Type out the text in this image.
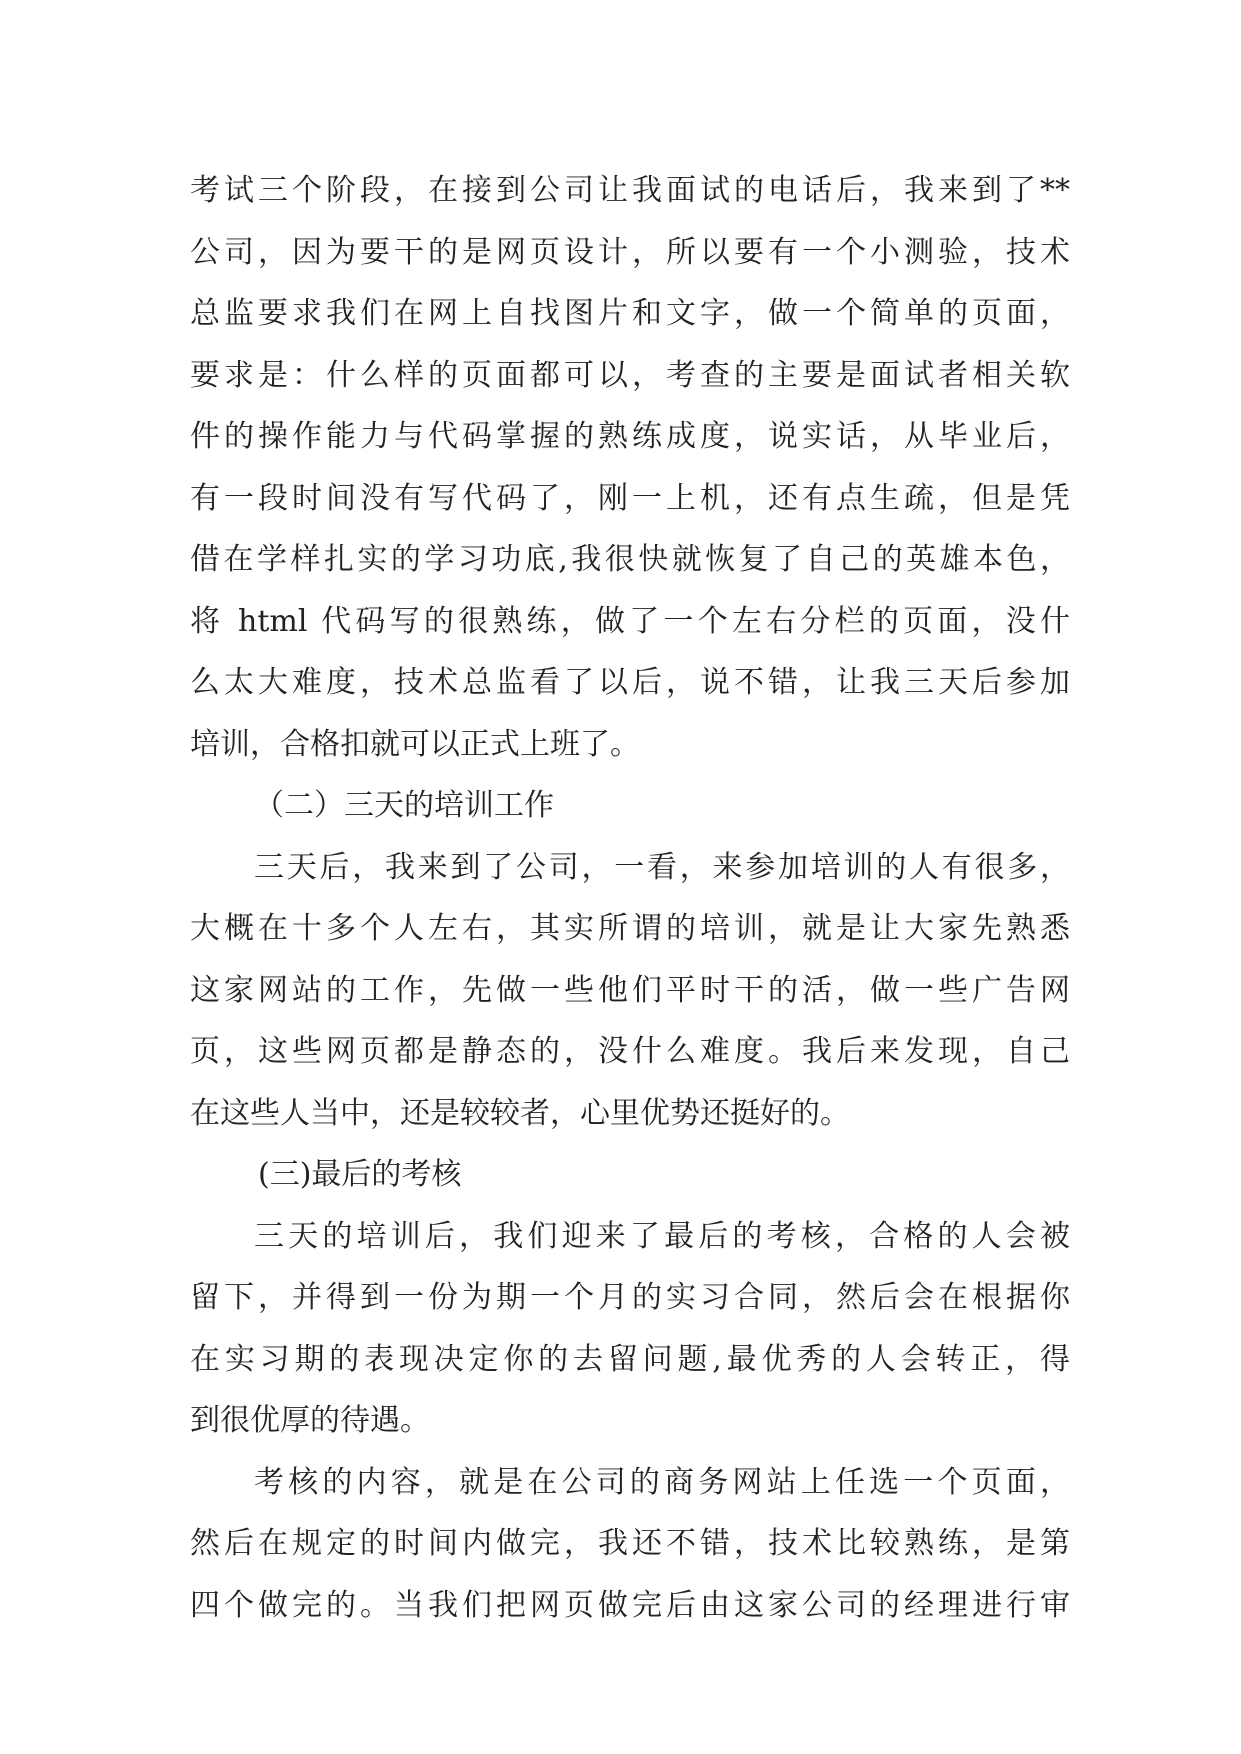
考试三个阶段，在接到公司让我面试的电话后，我来到了**
公司，因为要干的是网页设计，所以要有一个小测验，技术
总监要求我们在网上自找图片和文字，做一个简单的页面，
要求是：什么样的页面都可以，考查的主要是面试者相关软
件的操作能力与代码掌握的熟练成度，说实话，从毕业后，
有一段时间没有写代码了，刚一上机，还有点生疏，但是凭
借在学样扎实的学习功底,我很快就恢复了自己的英雄本色，
将 html 代码写的很熟练，做了一个左右分栏的页面，没什
么太大难度，技术总监看了以后，说不错，让我三天后参加
培训，合格扣就可以正式上班了。
（二）三天的培训工作
三天后，我来到了公司，一看，来参加培训的人有很多，
大概在十多个人左右，其实所谓的培训，就是让大家先熟悉
这家网站的工作，先做一些他们平时干的活，做一些广告网
页，这些网页都是静态的，没什么难度。我后来发现，自己
在这些人当中，还是较较者，心里优势还挺好的。
(三)最后的考核
三天的培训后，我们迎来了最后的考核，合格的人会被
留下，并得到一份为期一个月的实习合同，然后会在根据你
在实习期的表现决定你的去留问题,最优秀的人会转正，得
到很优厚的待遇。
考核的内容，就是在公司的商务网站上任选一个页面，
然后在规定的时间内做完，我还不错，技术比较熟练，是第
四个做完的。当我们把网页做完后由这家公司的经理进行审
